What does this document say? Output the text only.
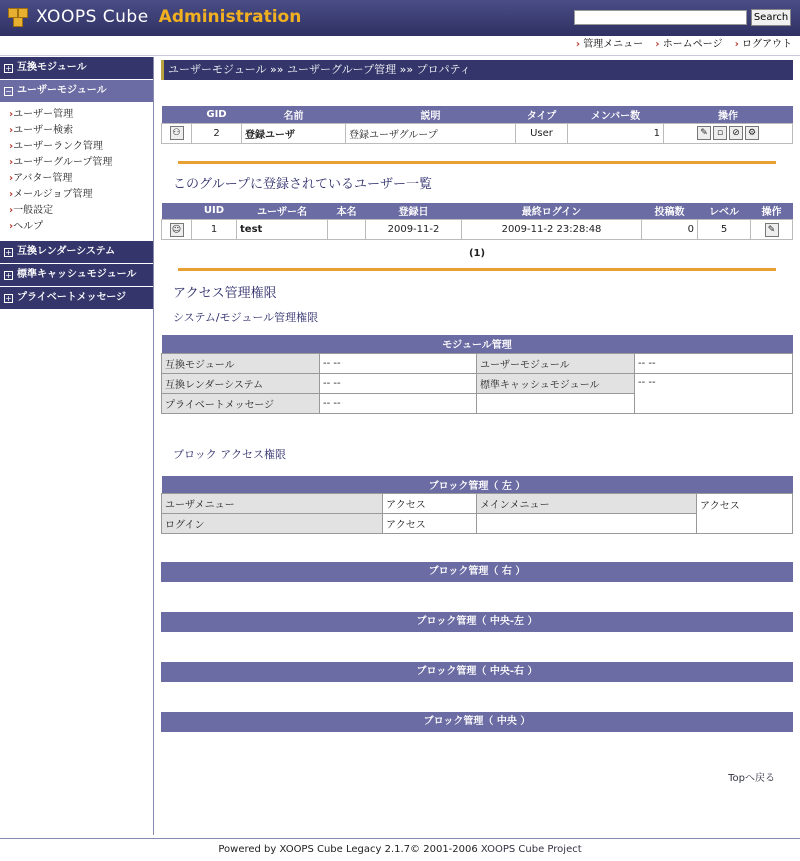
XOOPS Cube Administration	Search
› 管理メニュー › ホームページ › ログアウト
+ 互換モジュール
− ユーザーモジュール
›ユーザー管理
›ユーザー検索
›ユーザーランク管理
›ユーザーグループ管理
›アバター管理
›メールジョブ管理
›一般設定
›ヘルプ
+ 互換レンダーシステム
+ 標準キャッシュモジュール
+ プライベートメッセージ
ユーザーモジュール »» ユーザーグループ管理 »» プロパティ
	GID	名前	説明	タイプ	メンバー数	操作
⚇	2	登録ユーザ	登録ユーザグループ	User	1	✎ ▫ ⊘ ⚙
このグループに登録されているユーザー一覧
	UID	ユーザー名	本名	登録日	最終ログイン	投稿数	レベル	操作
☺	1	test		2009-11-2	2009-11-2 23:28:48	0	5	✎
(1)
アクセス管理権限
システム/モジュール管理権限
モジュール管理			
互換モジュール	-- --	ユーザーモジュール	-- --
互換レンダーシステム	-- --	標準キャッシュモジュール	-- --
プライベートメッセージ	-- --		
ブロック アクセス権限
ブロック管理（ 左 ）			
ユーザメニュー	アクセス	メインメニュー	アクセス
ログイン	アクセス		
ブロック管理（ 右 ）
ブロック管理（ 中央-左 ）
ブロック管理（ 中央-右 ）
ブロック管理（ 中央 ）
Topへ戻る
Powered by XOOPS Cube Legacy 2.1.7© 2001-2006 XOOPS Cube Project
